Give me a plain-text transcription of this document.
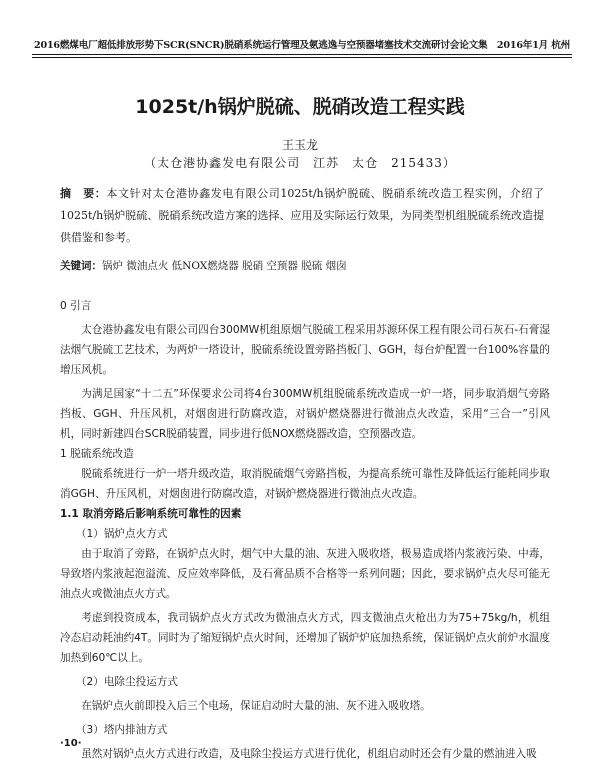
2016燃煤电厂超低排放形势下SCR(SNCR)脱硝系统运行管理及氨逃逸与空预器堵塞技术交流研讨会论文集 2016年1月 杭州
1025t/h锅炉脱硫、脱硝改造工程实践
王玉龙
（太仓港协鑫发电有限公司　江苏　太仓　215433）
摘　要：本文针对太仓港协鑫发电有限公司1025t/h锅炉脱硫、脱硝系统改造工程实例，介绍了1025t/h锅炉脱硫、脱硝系统改造方案的选择、应用及实际运行效果，为同类型机组脱硫系统改造提供借鉴和参考。
关键词：锅炉 微油点火 低NOX燃烧器 脱硝 空预器 脱硫 烟囱

0 引言

太仓港协鑫发电有限公司四台300MW机组原烟气脱硫工程采用苏源环保工程有限公司石灰石-石膏湿法烟气脱硫工艺技术，为两炉一塔设计，脱硫系统设置旁路挡板门、GGH，每台炉配置一台100%容量的增压风机。

为满足国家“十二五”环保要求公司将4台300MW机组脱硫系统改造成一炉一塔，同步取消烟气旁路挡板、GGH、升压风机，对烟囱进行防腐改造，对锅炉燃烧器进行微油点火改造，采用“三合一”引风机，同时新建四台SCR脱硝装置，同步进行低NOX燃烧器改造，空预器改造。

1 脱硫系统改造

脱硫系统进行一炉一塔升级改造，取消脱硫烟气旁路挡板，为提高系统可靠性及降低运行能耗同步取消GGH、升压风机，对烟囱进行防腐改造，对锅炉燃烧器进行微油点火改造。

1.1 取消旁路后影响系统可靠性的因素

（1）锅炉点火方式

由于取消了旁路，在锅炉点火时，烟气中大量的油、灰进入吸收塔，极易造成塔内浆液污染、中毒，导致塔内浆液起泡溢流、反应效率降低，及石膏品质不合格等一系列问题；因此，要求锅炉点火尽可能无油点火或微油点火方式。

考虑到投资成本，我司锅炉点火方式改为微油点火方式，四支微油点火枪出力为75+75kg/h，机组冷态启动耗油约4T。同时为了缩短锅炉点火时间，还增加了锅炉炉底加热系统，保证锅炉点火前炉水温度加热到60℃以上。

（2）电除尘投运方式

在锅炉点火前即投入后三个电场，保证启动时大量的油、灰不进入吸收塔。

（3）塔内排油方式

虽然对锅炉点火方式进行改造，及电除尘投运方式进行优化，机组启动时还会有少量的燃油进入吸

·10·
